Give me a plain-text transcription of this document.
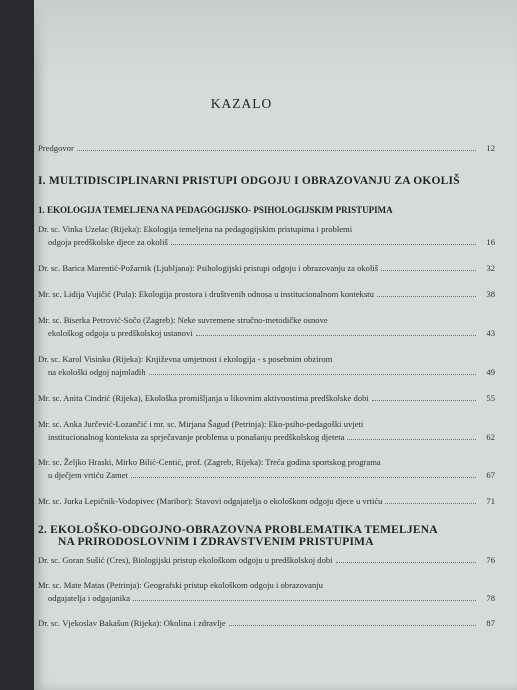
KAZALO
Predgovor	12
I. MULTIDISCIPLINARNI PRISTUPI ODGOJU I OBRAZOVANJU ZA OKOLIŠ
1. EKOLOGIJA TEMELJENA NA PEDAGOGIJSKO- PSIHOLOGIJSKIM PRISTUPIMA
Dr. sc. Vinka Uzelac (Rijeka): Ekologija temeljena na pedagogijskim pristupima i problemi
odgoja predškolske djece za okoliš	16
Dr. sc. Barica Marentić-Požarnik (Ljubljana): Psihologijski pristupi odgoju i obrazovanju za okoliš	32
Mr. sc. Lidija Vujičić (Pula): Ekologija prostora i društvenih odnosa u institucionalnom kontekstu	38
Mr. sc. Biserka Petrović-Sočo (Zagreb): Neke suvremene stručno-metodičke osnove
ekološkog odgoja u predškolskoj ustanovi	43
Dr. sc. Karol Visinko (Rijeka): Književna umjetnost i ekologija - s posebnim obzirom
na ekološki odgoj najmlađih	49
Mr. sc. Anita Cindrić (Rijeka), Ekološka promišljanja u likovnim aktivnostima predškolske dobi	55
Mr. sc. Anka Jurčević-Lozančić i mr. sc. Mirjana Šagud (Petrinja): Eko-psiho-pedagoški uvjeti
institucionalnog konteksta za sprječavanje problema u ponašanju predškolskog djeteta	62
Mr. sc. Željko Hraski, Mirko Bilić-Centić, prof. (Zagreb, Rijeka): Treća godina sportskog programa
u dječjem vrtiću Zamet	67
Mr. sc. Jurka Lepičnik-Vodopivec (Maribor): Stavovi odgajatelja o ekološkom odgoju djece u vrtiću	71
2. EKOLOŠKO-ODGOJNO-OBRAZOVNA PROBLEMATIKA TEMELJENA
NA PRIRODOSLOVNIM I ZDRAVSTVENIM PRISTUPIMA
Dr. sc. Goran Sušić (Cres), Biologijski pristup ekološkom odgoju u predškolskoj dobi	76
Mr. sc. Mate Matas (Petrinja): Geografski pristup ekološkom odgoju i obrazovanju
odgajatelja i odgajanika	78
Dr. sc. Vjekoslav Bakašun (Rijeka): Okolina i zdravlje	87
